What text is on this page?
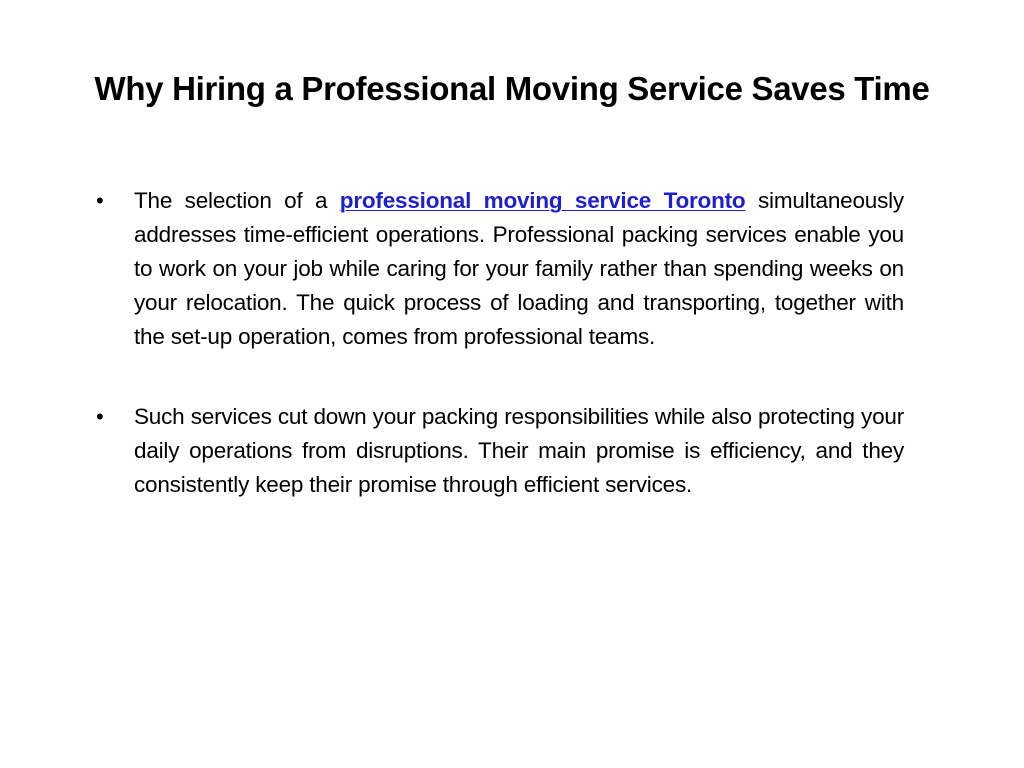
Why Hiring a Professional Moving Service Saves Time
• The selection of a professional moving service Toronto simultaneously addresses time-efficient operations. Professional packing services enable you to work on your job while caring for your family rather than spending weeks on your relocation. The quick process of loading and transporting, together with the set-up operation, comes from professional teams.
• Such services cut down your packing responsibilities while also protecting your daily operations from disruptions. Their main promise is efficiency, and they consistently keep their promise through efficient services.
